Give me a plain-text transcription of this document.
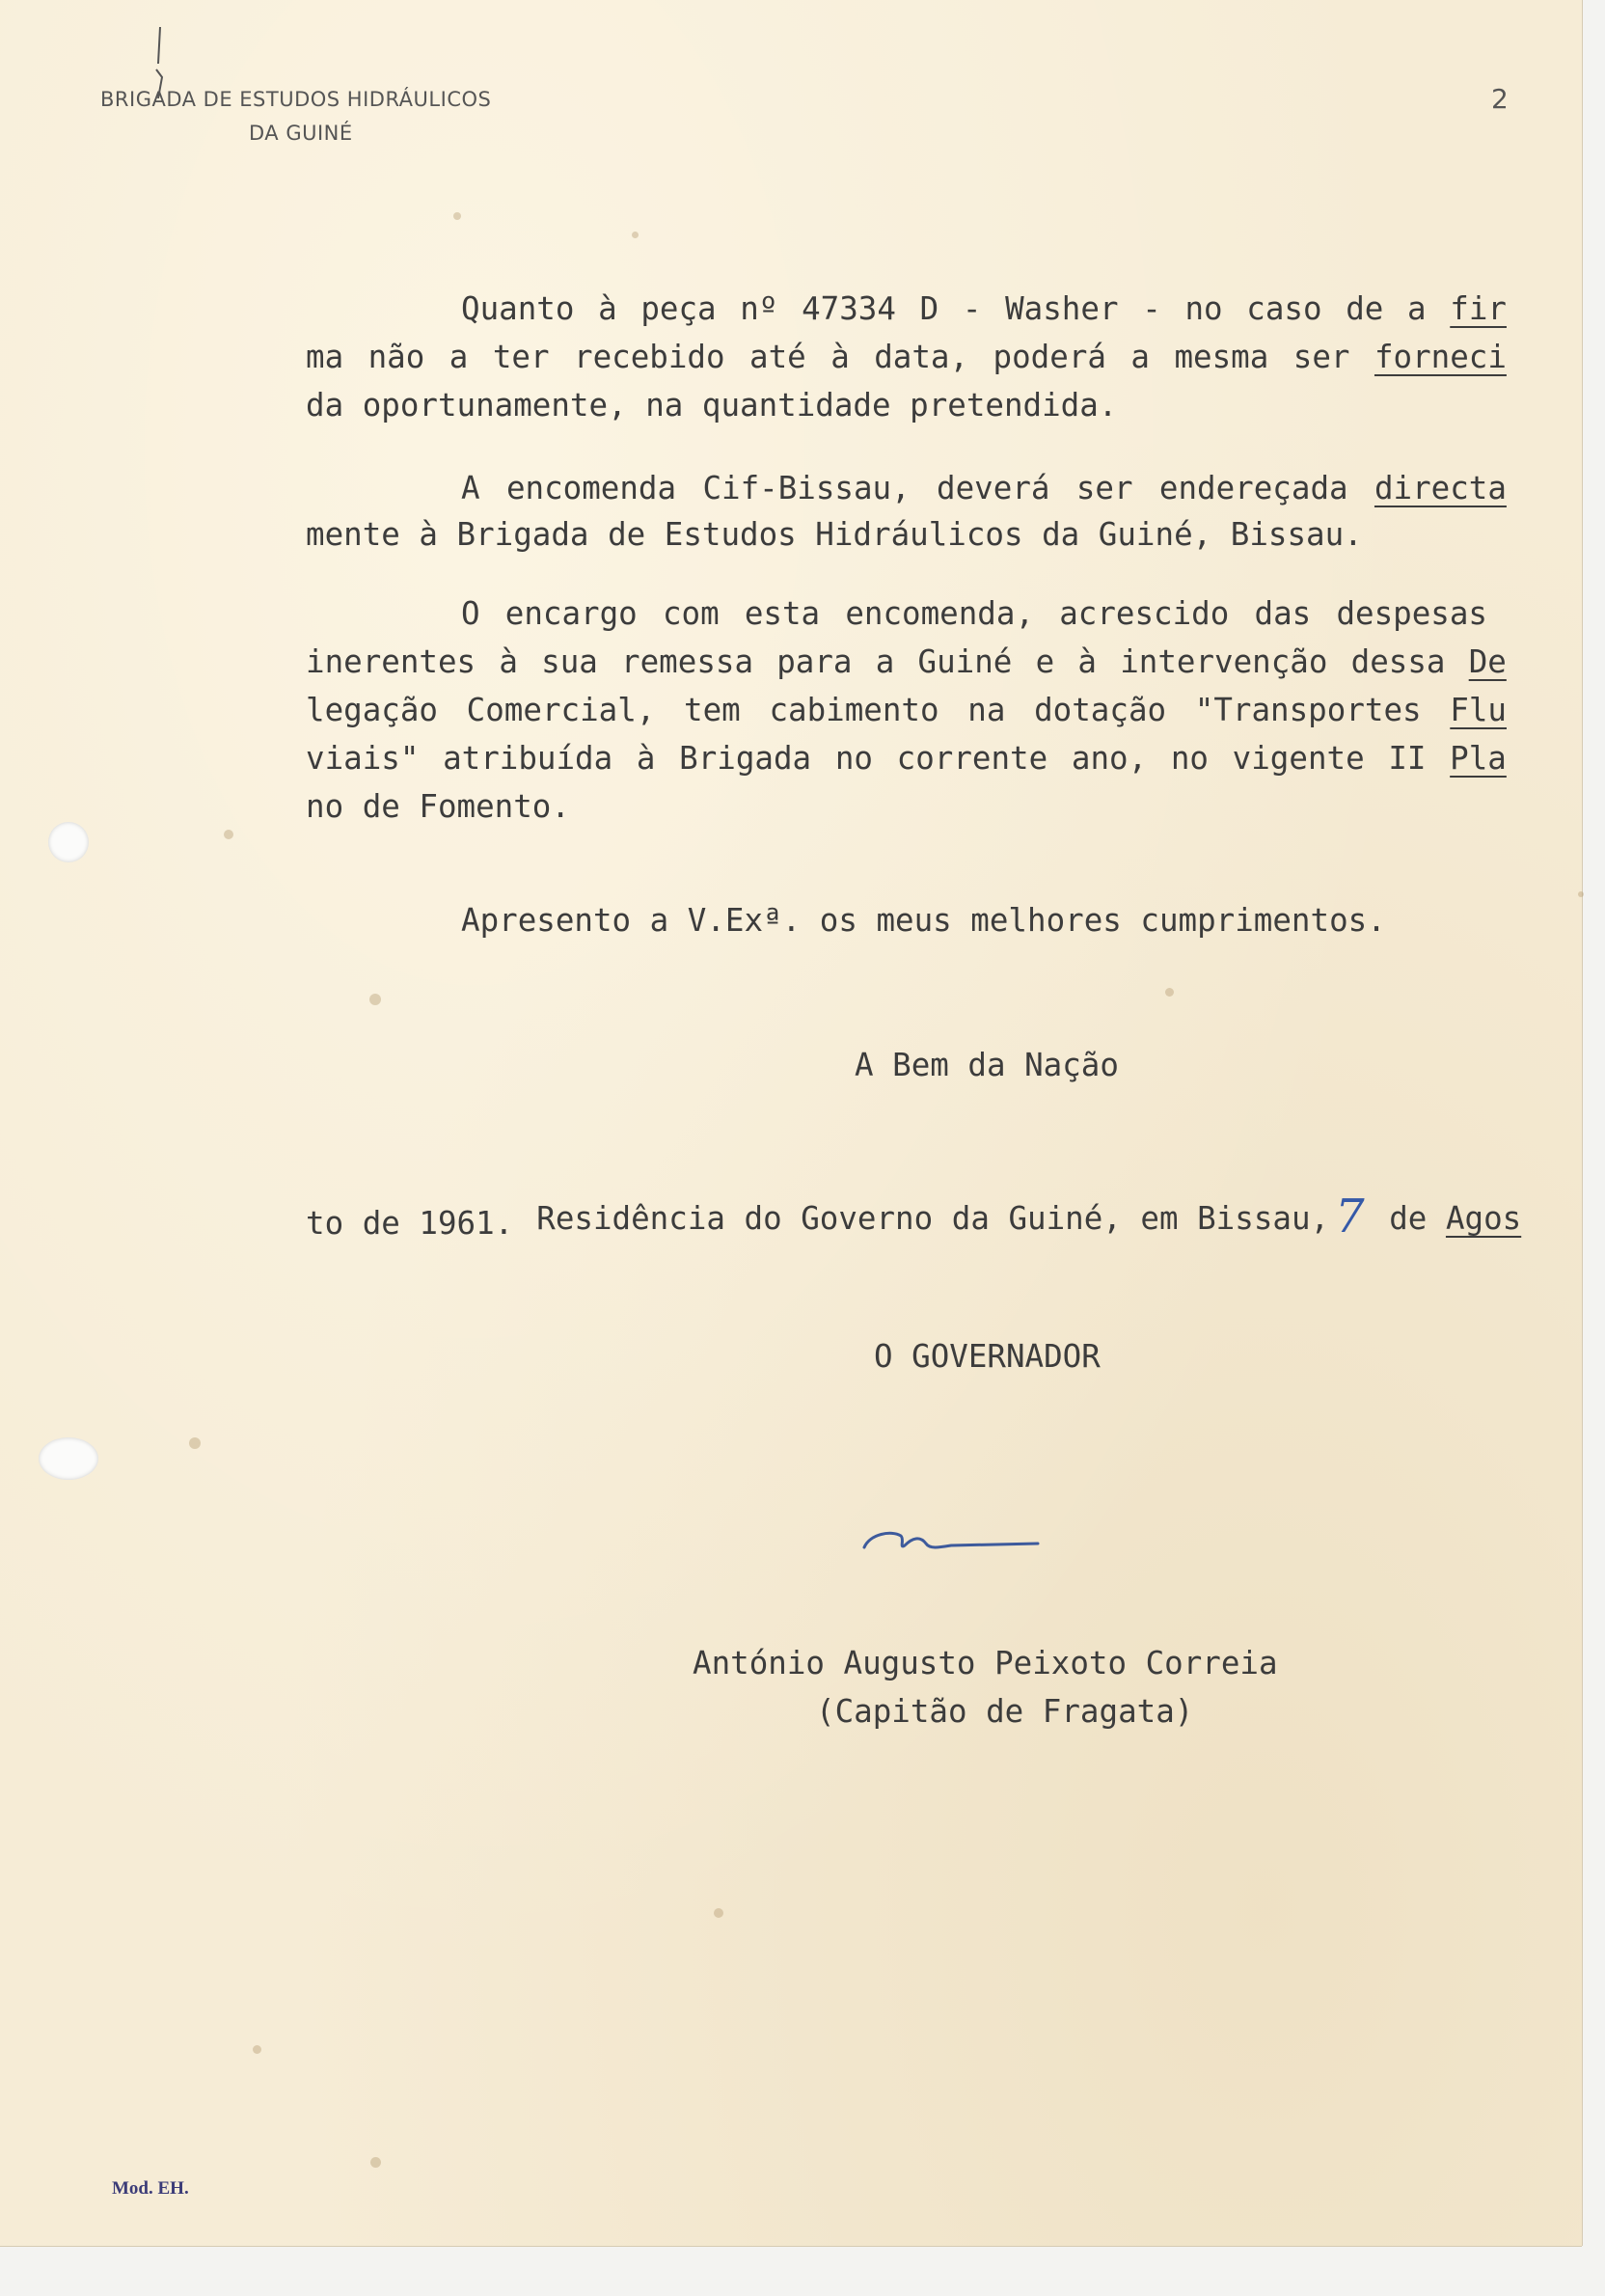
BRIGADA DE ESTUDOS HIDRÁULICOS
DA GUINÉ
2
Quanto à peça nº 47334 D - Washer - no caso de a fir
ma não a ter recebido até à data, poderá a mesma ser forneci
da oportunamente, na quantidade pretendida.
A encomenda Cif-Bissau, deverá ser endereçada directa
mente à Brigada de Estudos Hidráulicos da Guiné, Bissau.
O encargo com esta encomenda, acrescido das despesas
inerentes à sua remessa para a Guiné e à intervenção dessa De
legação Comercial, tem cabimento na dotação "Transportes Flu
viais" atribuída à Brigada no corrente ano, no vigente II Pla
no de Fomento.
Apresento a V.Exª. os meus melhores cumprimentos.
A Bem da Nação

Residência do Governo da Guiné, em Bissau, 7 de Agos

to de 1961.
O GOVERNADOR
António Augusto Peixoto Correia
(Capitão de Fragata)
Mod. EH.
